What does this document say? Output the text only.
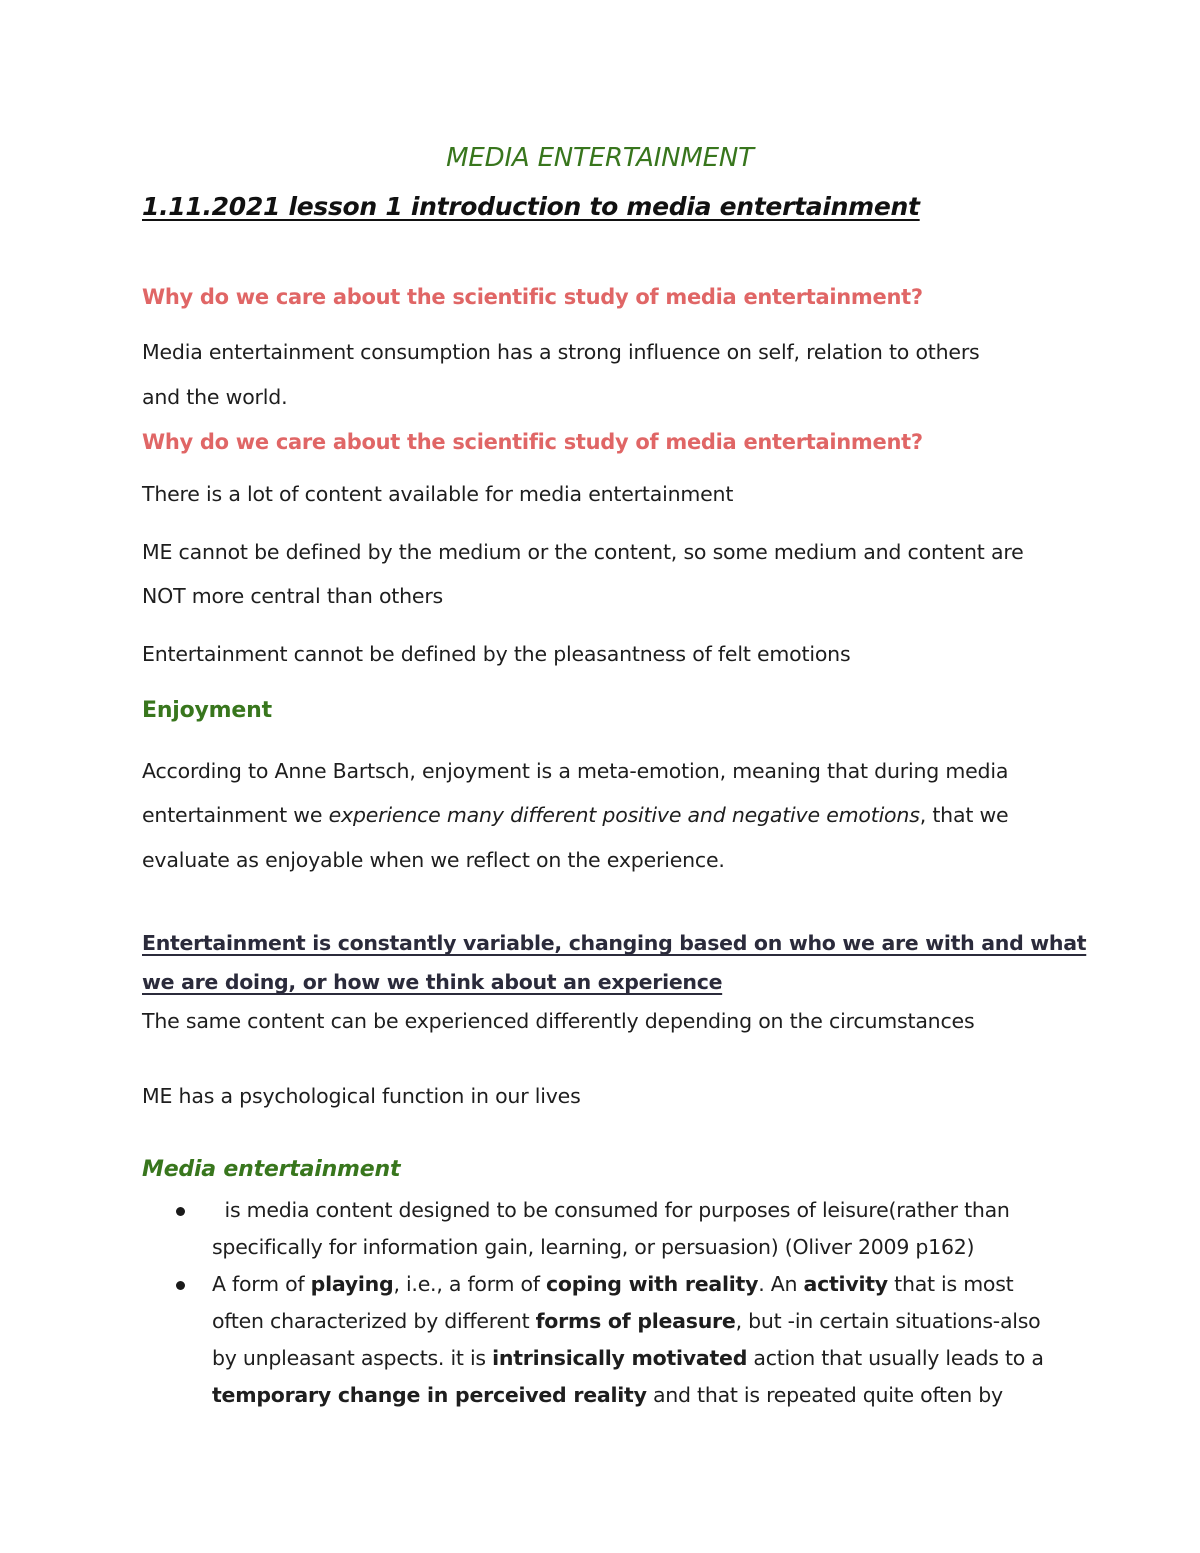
MEDIA ENTERTAINMENT
1.11.2021 lesson 1 introduction to media entertainment
Why do we care about the scientific study of media entertainment?
Media entertainment consumption has a strong influence on self, relation to others
and the world.
Why do we care about the scientific study of media entertainment?
There is a lot of content available for media entertainment
ME cannot be defined by the medium or the content, so some medium and content are
NOT more central than others
Entertainment cannot be defined by the pleasantness of felt emotions
Enjoyment
According to Anne Bartsch, enjoyment is a meta-emotion, meaning that during media
entertainment we experience many different positive and negative emotions, that we
evaluate as enjoyable when we reflect on the experience.
Entertainment is constantly variable, changing based on who we are with and what
we are doing, or how we think about an experience
The same content can be experienced differently depending on the circumstances
ME has a psychological function in our lives
Media entertainment
is media content designed to be consumed for purposes of leisure(rather than
specifically for information gain, learning, or persuasion) (Oliver 2009 p162)
A form of playing, i.e., a form of coping with reality. An activity that is most
often characterized by different forms of pleasure, but -in certain situations-also
by unpleasant aspects. it is intrinsically motivated action that usually leads to a
temporary change in perceived reality and that is repeated quite often by
